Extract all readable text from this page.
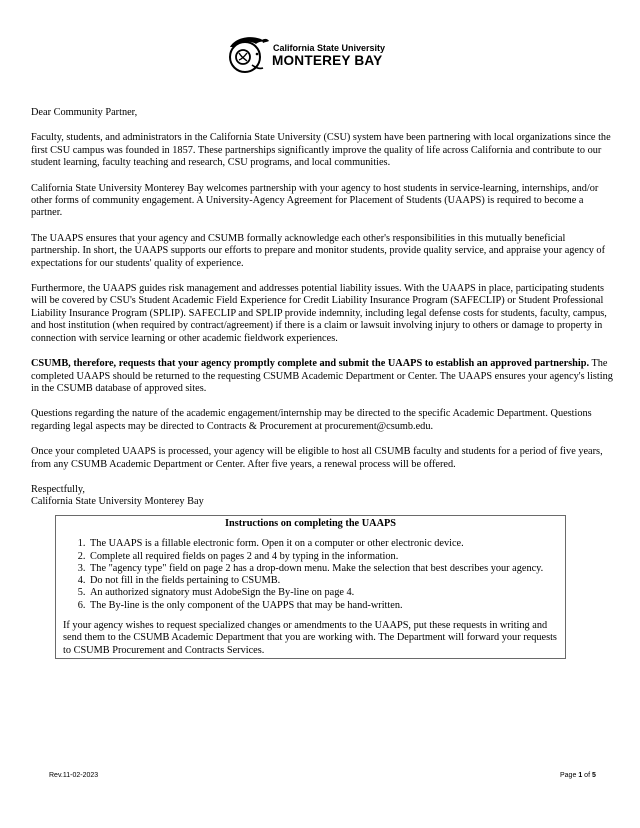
California State University
MONTEREY BAY

Dear Community Partner,

Faculty, students, and administrators in the California State University (CSU) system have been partnering with local organizations since the first CSU campus was founded in 1857. These partnerships significantly improve the quality of life across California and contribute to our student learning, faculty teaching and research, CSU programs, and local communities.

California State University Monterey Bay welcomes partnership with your agency to host students in service-learning, internships, and/or other forms of community engagement. A University-Agency Agreement for Placement of Students (UAAPS) is required to become a partner.

The UAAPS ensures that your agency and CSUMB formally acknowledge each other's responsibilities in this mutually beneficial partnership. In short, the UAAPS supports our efforts to prepare and monitor students, provide quality service, and appraise your agency of expectations for our students' quality of experience.

Furthermore, the UAAPS guides risk management and addresses potential liability issues. With the UAAPS in place, participating students will be covered by CSU's Student Academic Field Experience for Credit Liability Insurance Program (SAFECLIP) or Student Professional Liability Insurance Program (SPLIP). SAFECLIP and SPLIP provide indemnity, including legal defense costs for students, faculty, campus, and host institution (when required by contract/agreement) if there is a claim or lawsuit involving injury to others or damage to property in connection with service learning or other academic fieldwork experiences.

CSUMB, therefore, requests that your agency promptly complete and submit the UAAPS to establish an approved partnership. The completed UAAPS should be returned to the requesting CSUMB Academic Department or Center. The UAAPS ensures your agency's listing in the CSUMB database of approved sites.

Questions regarding the nature of the academic engagement/internship may be directed to the specific Academic Department. Questions regarding legal aspects may be directed to Contracts & Procurement at procurement@csumb.edu.

Once your completed UAAPS is processed, your agency will be eligible to host all CSUMB faculty and students for a period of five years, from any CSUMB Academic Department or Center. After five years, a renewal process will be offered.

Respectfully,

California State University Monterey Bay

Instructions on completing the UAAPS
1. The UAAPS is a fillable electronic form. Open it on a computer or other electronic device.
2. Complete all required fields on pages 2 and 4 by typing in the information.
3. The "agency type" field on page 2 has a drop-down menu. Make the selection that best describes your agency.
4. Do not fill in the fields pertaining to CSUMB.
5. An authorized signatory must AdobeSign the By-line on page 4.
6. The By-line is the only component of the UAPPS that may be hand-written.

If your agency wishes to request specialized changes or amendments to the UAAPS, put these requests in writing and send them to the CSUMB Academic Department that you are working with. The Department will forward your requests to CSUMB Procurement and Contracts Services.

Rev.11-02-2023	Page 1 of 5
